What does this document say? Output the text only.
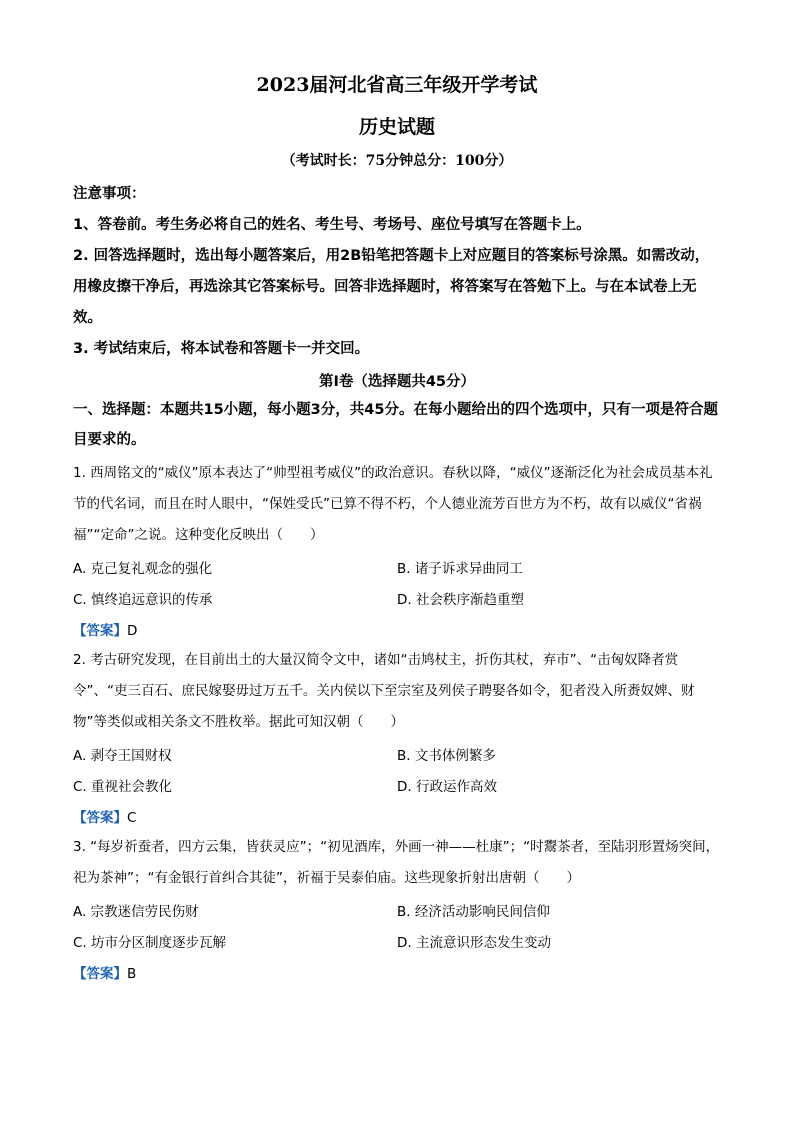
2023届河北省高三年级开学考试
历史试题
（考试时长：75分钟总分：100分）
注意事项：
1、答卷前。考生务必将自己的姓名、考生号、考场号、座位号填写在答题卡上。
2. 回答选择题时，选出每小题答案后，用2B铅笔把答题卡上对应题目的答案标号涂黑。如需改动，用橡皮擦干净后，再选涂其它答案标号。回答非选择题时，将答案写在答勉下上。与在本试卷上无效。
3. 考试结束后，将本试卷和答题卡一并交回。
第Ⅰ卷（选择题共45分）
一、选择题：本题共15小题，每小题3分，共45分。在每小题给出的四个选项中，只有一项是符合题目要求的。
1. 西周铭文的“威仪”原本表达了“帅型祖考威仪”的政治意识。春秋以降，“威仪”逐渐泛化为社会成员基本礼节的代名词，而且在时人眼中，“保姓受氏”已算不得不朽，个人德业流芳百世方为不朽，故有以威仪“省祸福”“定命”之说。这种变化反映出（　　）
A. 克己复礼观念的强化	B. 诸子诉求异曲同工
C. 慎终追远意识的传承	D. 社会秩序渐趋重塑
【答案】D
2. 考古研究发现，在目前出土的大量汉简令文中，诸如“击鸠杖主，折伤其杖，弃市”、“击匈奴降者赏令”、“吏三百石、庶民嫁娶毋过万五千。关内侯以下至宗室及列侯子聘娶各如令，犯者没入所赉奴婢、财物”等类似或相关条文不胜枚举。据此可知汉朝（　　）
A. 剥夺王国财权	B. 文书体例繁多
C. 重视社会教化	D. 行政运作高效
【答案】C
3. “每岁祈蚕者，四方云集，皆获灵应”；“初见酒库，外画一神——杜康”；“时鬻茶者，至陆羽形置炀突间，祀为茶神”；“有金银行首纠合其徒”，祈福于吴泰伯庙。这些现象折射出唐朝（　　）
A. 宗教迷信劳民伤财	B. 经济活动影响民间信仰
C. 坊市分区制度逐步瓦解	D. 主流意识形态发生变动
【答案】B
